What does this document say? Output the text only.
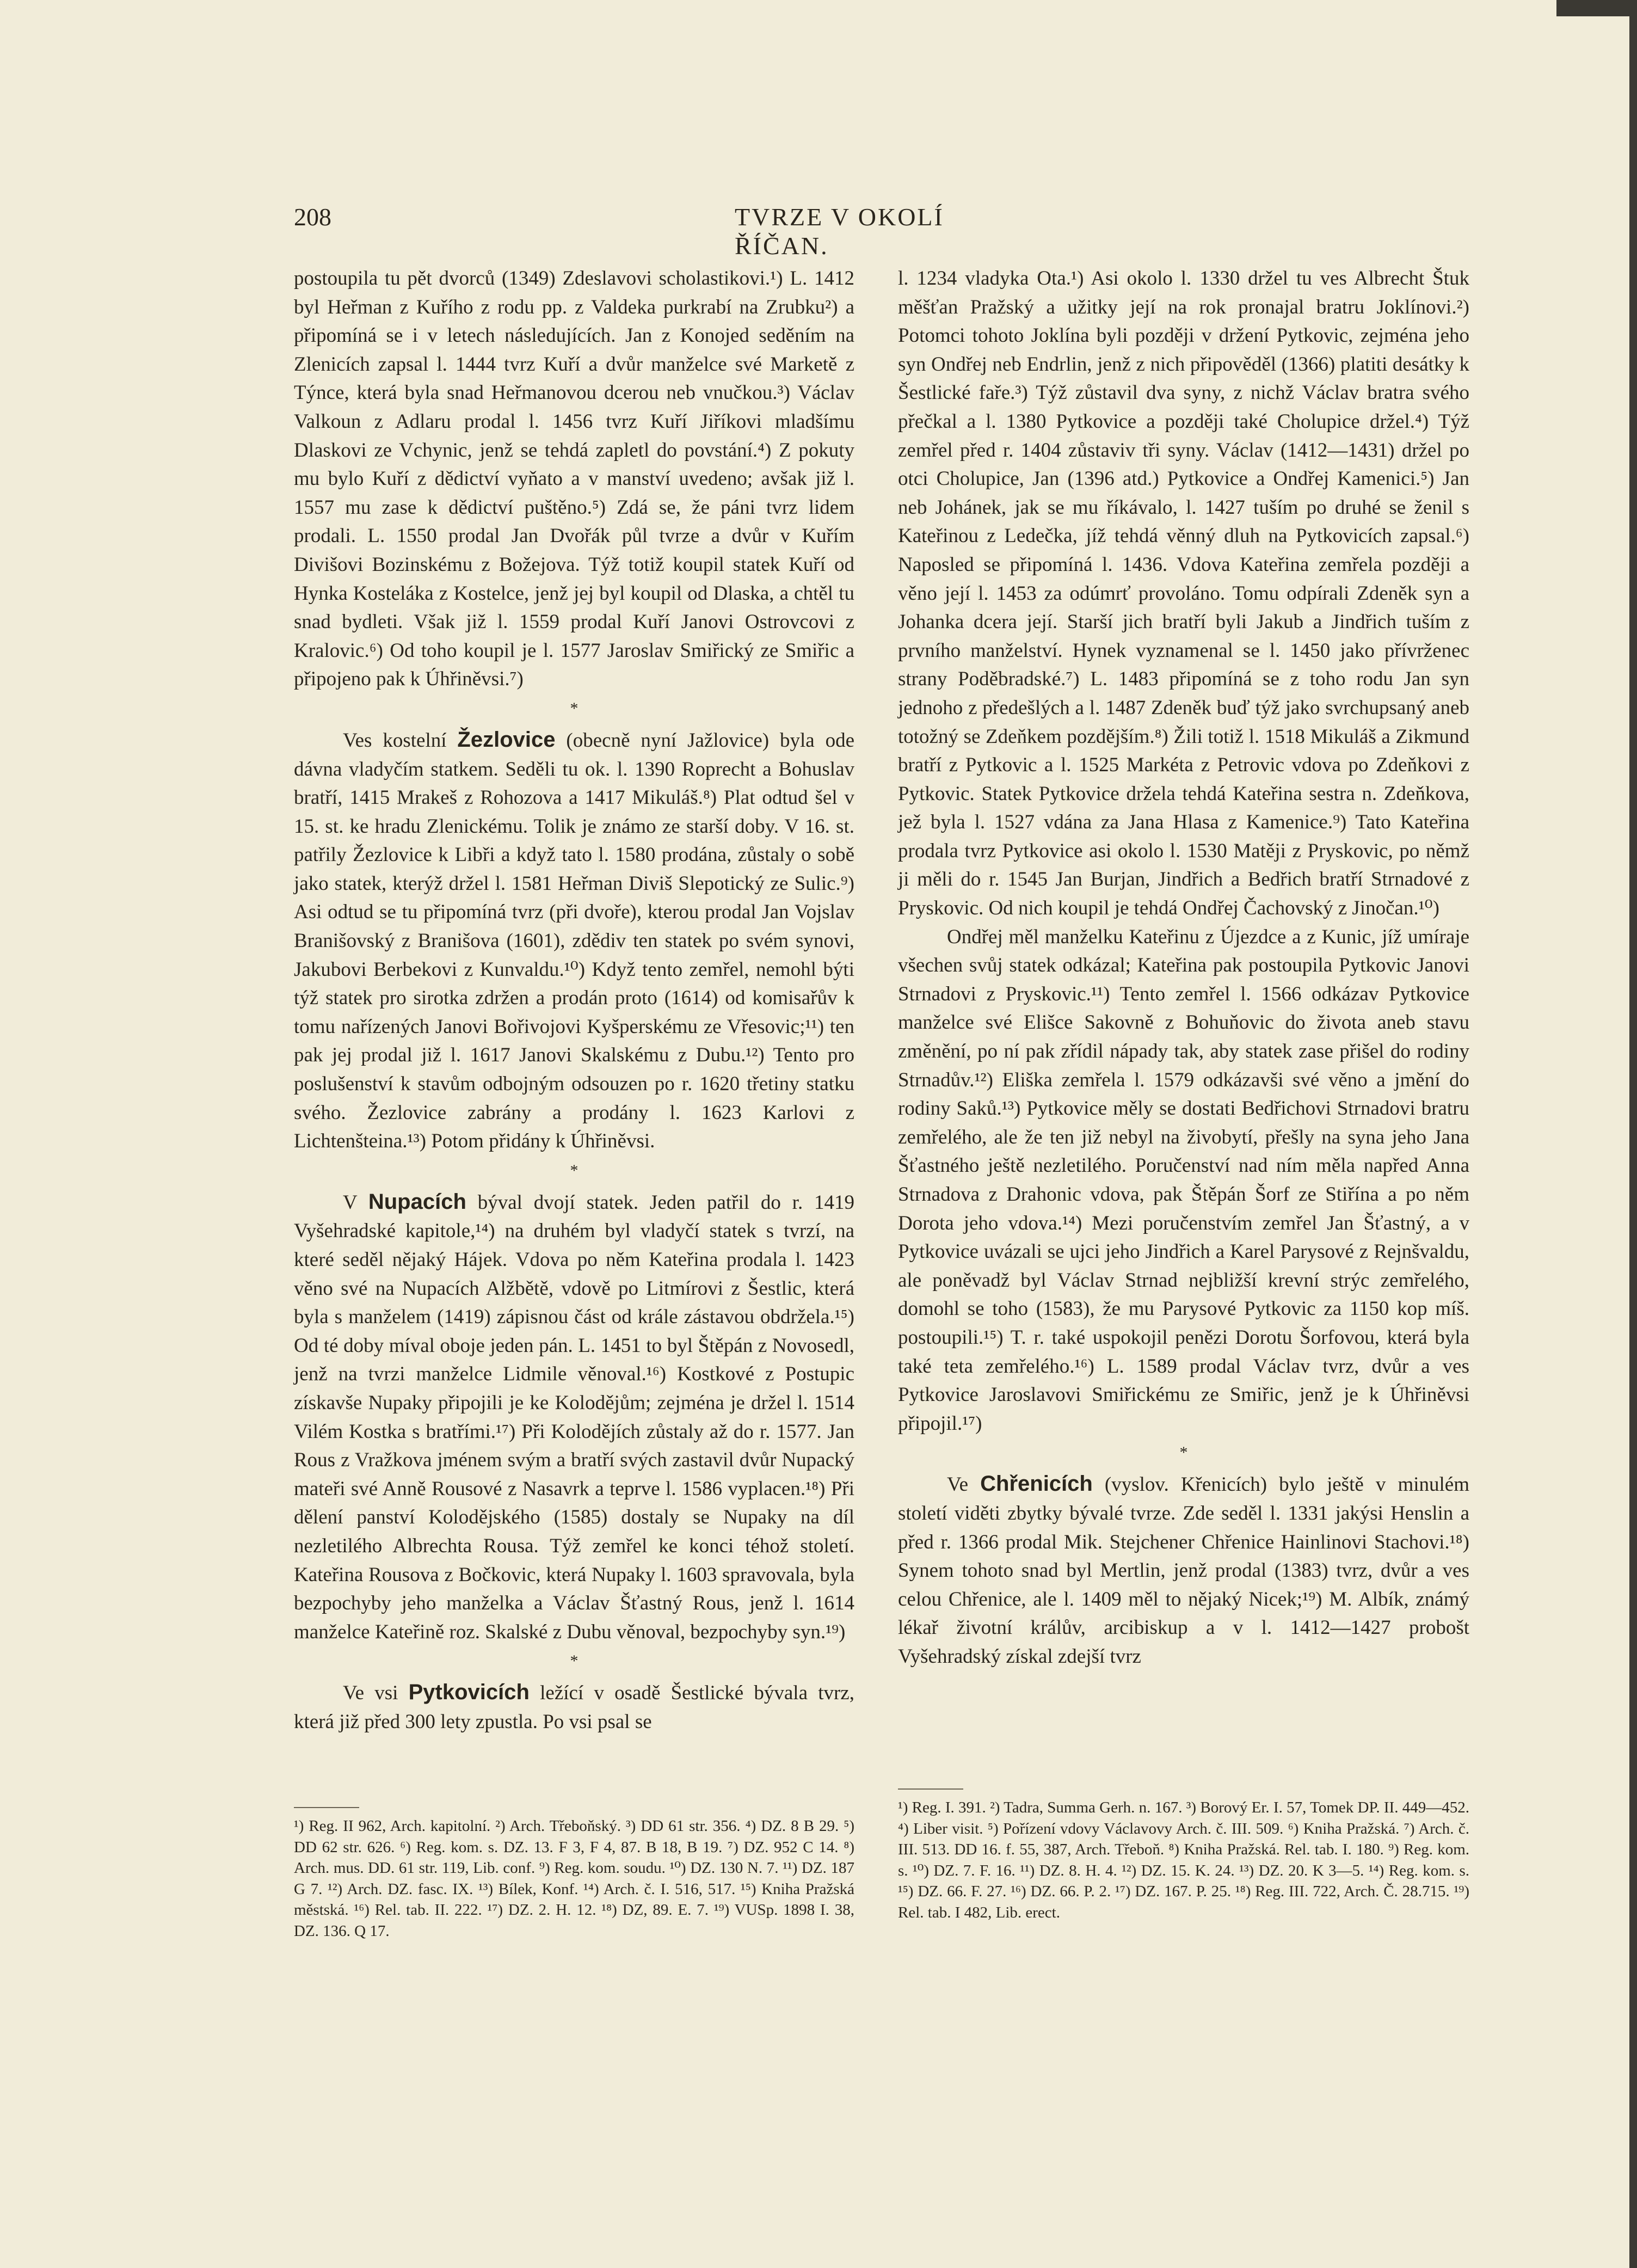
208	TVRZE V OKOLÍ ŘÍČAN.

postoupila tu pět dvorců (1349) Zdeslavovi scholastikovi.¹) L. 1412 byl Heřman z Kuřího z rodu pp. z Valdeka purkrabí na Zrubku²) a připomíná se i v letech následujících. Jan z Konojed seděním na Zlenicích zapsal l. 1444 tvrz Kuří a dvůr manželce své Marketě z Týnce, která byla snad Heřmanovou dcerou neb vnučkou.³) Václav Valkoun z Adlaru prodal l. 1456 tvrz Kuří Jiříkovi mladšímu Dlaskovi ze Vchynic, jenž se tehdá zapletl do povstání.⁴) Z pokuty mu bylo Kuří z dědictví vyňato a v manství uvedeno; avšak již l. 1557 mu zase k dědictví puštěno.⁵) Zdá se, že páni tvrz lidem prodali. L. 1550 prodal Jan Dvořák půl tvrze a dvůr v Kuřím Divišovi Bozinskému z Božejova. Týž totiž koupil statek Kuří od Hynka Kosteláka z Kostelce, jenž jej byl koupil od Dlaska, a chtěl tu snad bydleti. Však již l. 1559 prodal Kuří Janovi Ostrovcovi z Kralovic.⁶) Od toho koupil je l. 1577 Jaroslav Smiřický ze Smiřic a připojeno pak k Úhřiněvsi.⁷)

*

Ves kostelní Žezlovice (obecně nyní Jažlovice) byla ode dávna vladyčím statkem. Seděli tu ok. l. 1390 Roprecht a Bohuslav bratří, 1415 Mrakeš z Rohozova a 1417 Mikuláš.⁸) Plat odtud šel v 15. st. ke hradu Zlenickému. Tolik je známo ze starší doby. V 16. st. patřily Žezlovice k Libři a když tato l. 1580 prodána, zůstaly o sobě jako statek, kterýž držel l. 1581 Heřman Diviš Slepotický ze Sulic.⁹) Asi odtud se tu připomíná tvrz (při dvoře), kterou prodal Jan Vojslav Branišovský z Branišova (1601), zdědiv ten statek po svém synovi, Jakubovi Berbekovi z Kunvaldu.¹⁰) Když tento zemřel, nemohl býti týž statek pro sirotka zdržen a prodán proto (1614) od komisařův k tomu nařízených Janovi Bořivojovi Kyšperskému ze Vřesovic;¹¹) ten pak jej prodal již l. 1617 Janovi Skalskému z Dubu.¹²) Tento pro poslušenství k stavům odbojným odsouzen po r. 1620 třetiny statku svého. Žezlovice zabrány a prodány l. 1623 Karlovi z Lichtenšteina.¹³) Potom přidány k Úhřiněvsi.

*

V Nupacích býval dvojí statek. Jeden patřil do r. 1419 Vyšehradské kapitole,¹⁴) na druhém byl vladyčí statek s tvrzí, na které seděl nějaký Hájek. Vdova po něm Kateřina prodala l. 1423 věno své na Nupacích Alžbětě, vdově po Litmírovi z Šestlic, která byla s manželem (1419) zápisnou část od krále zástavou obdržela.¹⁵) Od té doby míval oboje jeden pán. L. 1451 to byl Štěpán z Novosedl, jenž na tvrzi manželce Lidmile věnoval.¹⁶) Kostkové z Postupic získavše Nupaky připojili je ke Kolodějům; zejména je držel l. 1514 Vilém Kostka s bratřími.¹⁷) Při Kolodějích zůstaly až do r. 1577. Jan Rous z Vražkova jménem svým a bratří svých zastavil dvůr Nupacký mateři své Anně Rousové z Nasavrk a teprve l. 1586 vyplacen.¹⁸) Při dělení panství Kolodějského (1585) dostaly se Nupaky na díl nezletilého Albrechta Rousa. Týž zemřel ke konci téhož století. Kateřina Rousova z Bočkovic, která Nupaky l. 1603 spravovala, byla bezpochyby jeho manželka a Václav Šťastný Rous, jenž l. 1614 manželce Kateřině roz. Skalské z Dubu věnoval, bezpochyby syn.¹⁹)

*

Ve vsi Pytkovicích ležící v osadě Šestlické bývala tvrz, která již před 300 lety zpustla. Po vsi psal se

l. 1234 vladyka Ota.¹) Asi okolo l. 1330 držel tu ves Albrecht Štuk měšťan Pražský a užitky její na rok pronajal bratru Joklínovi.²) Potomci tohoto Joklína byli později v držení Pytkovic, zejména jeho syn Ondřej neb Endrlin, jenž z nich připověděl (1366) platiti desátky k Šestlické faře.³) Týž zůstavil dva syny, z nichž Václav bratra svého přečkal a l. 1380 Pytkovice a později také Cholupice držel.⁴) Týž zemřel před r. 1404 zůstaviv tři syny. Václav (1412—1431) držel po otci Cholupice, Jan (1396 atd.) Pytkovice a Ondřej Kamenici.⁵) Jan neb Johánek, jak se mu říkávalo, l. 1427 tuším po druhé se ženil s Kateřinou z Ledečka, jíž tehdá věnný dluh na Pytkovicích zapsal.⁶) Naposled se připomíná l. 1436. Vdova Kateřina zemřela později a věno její l. 1453 za odúmrť provoláno. Tomu odpírali Zdeněk syn a Johanka dcera její. Starší jich bratří byli Jakub a Jindřich tuším z prvního manželství. Hynek vyznamenal se l. 1450 jako přívrženec strany Poděbradské.⁷) L. 1483 připomíná se z toho rodu Jan syn jednoho z předešlých a l. 1487 Zdeněk buď týž jako svrchupsaný aneb totožný se Zdeňkem pozdějším.⁸) Žili totiž l. 1518 Mikuláš a Zikmund bratří z Pytkovic a l. 1525 Markéta z Petrovic vdova po Zdeňkovi z Pytkovic. Statek Pytkovice držela tehdá Kateřina sestra n. Zdeňkova, jež byla l. 1527 vdána za Jana Hlasa z Kamenice.⁹) Tato Kateřina prodala tvrz Pytkovice asi okolo l. 1530 Matěji z Pryskovic, po němž ji měli do r. 1545 Jan Burjan, Jindřich a Bedřich bratří Strnadové z Pryskovic. Od nich koupil je tehdá Ondřej Čachovský z Jinočan.¹⁰)

Ondřej měl manželku Kateřinu z Újezdce a z Kunic, jíž umíraje všechen svůj statek odkázal; Kateřina pak postoupila Pytkovic Janovi Strnadovi z Pryskovic.¹¹) Tento zemřel l. 1566 odkázav Pytkovice manželce své Elišce Sakovně z Bohuňovic do života aneb stavu změnění, po ní pak zřídil nápady tak, aby statek zase přišel do rodiny Strnadův.¹²) Eliška zemřela l. 1579 odkázavši své věno a jmění do rodiny Saků.¹³) Pytkovice měly se dostati Bedřichovi Strnadovi bratru zemřelého, ale že ten již nebyl na živobytí, přešly na syna jeho Jana Šťastného ještě nezletilého. Poručenství nad ním měla napřed Anna Strnadova z Drahonic vdova, pak Štěpán Šorf ze Stiřína a po něm Dorota jeho vdova.¹⁴) Mezi poručenstvím zemřel Jan Šťastný, a v Pytkovice uvázali se ujci jeho Jindřich a Karel Parysové z Rejnšvaldu, ale poněvadž byl Václav Strnad nejbližší krevní strýc zemřelého, domohl se toho (1583), že mu Parysové Pytkovic za 1150 kop míš. postoupili.¹⁵) T. r. také uspokojil penězi Dorotu Šorfovou, která byla také teta zemřelého.¹⁶) L. 1589 prodal Václav tvrz, dvůr a ves Pytkovice Jaroslavovi Smiřickému ze Smiřic, jenž je k Úhřiněvsi připojil.¹⁷)

*

Ve Chřenicích (vyslov. Křenicích) bylo ještě v minulém století viděti zbytky bývalé tvrze. Zde seděl l. 1331 jakýsi Henslin a před r. 1366 prodal Mik. Stejchener Chřenice Hainlinovi Stachovi.¹⁸) Synem tohoto snad byl Mertlin, jenž prodal (1383) tvrz, dvůr a ves celou Chřenice, ale l. 1409 měl to nějaký Nicek;¹⁹) M. Albík, známý lékař životní králův, arcibiskup a v l. 1412—1427 probošt Vyšehradský získal zdejší tvrz

¹) Reg. II 962, Arch. kapitolní. ²) Arch. Třeboňský. ³) DD 61 str. 356. ⁴) DZ. 8 B 29. ⁵) DD 62 str. 626. ⁶) Reg. kom. s. DZ. 13. F 3, F 4, 87. B 18, B 19. ⁷) DZ. 952 C 14. ⁸) Arch. mus. DD. 61 str. 119, Lib. conf. ⁹) Reg. kom. soudu. ¹⁰) DZ. 130 N. 7. ¹¹) DZ. 187 G 7. ¹²) Arch. DZ. fasc. IX. ¹³) Bílek, Konf. ¹⁴) Arch. č. I. 516, 517. ¹⁵) Kniha Pražská městská. ¹⁶) Rel. tab. II. 222. ¹⁷) DZ. 2. H. 12. ¹⁸) DZ, 89. E. 7. ¹⁹) VUSp. 1898 I. 38, DZ. 136. Q 17.
¹) Reg. I. 391. ²) Tadra, Summa Gerh. n. 167. ³) Borový Er. I. 57, Tomek DP. II. 449—452. ⁴) Liber visit. ⁵) Pořízení vdovy Václavovy Arch. č. III. 509. ⁶) Kniha Pražská. ⁷) Arch. č. III. 513. DD 16. f. 55, 387, Arch. Třeboň. ⁸) Kniha Pražská. Rel. tab. I. 180. ⁹) Reg. kom. s. ¹⁰) DZ. 7. F. 16. ¹¹) DZ. 8. H. 4. ¹²) DZ. 15. K. 24. ¹³) DZ. 20. K 3—5. ¹⁴) Reg. kom. s. ¹⁵) DZ. 66. F. 27. ¹⁶) DZ. 66. P. 2. ¹⁷) DZ. 167. P. 25. ¹⁸) Reg. III. 722, Arch. Č. 28.715. ¹⁹) Rel. tab. I 482, Lib. erect.
